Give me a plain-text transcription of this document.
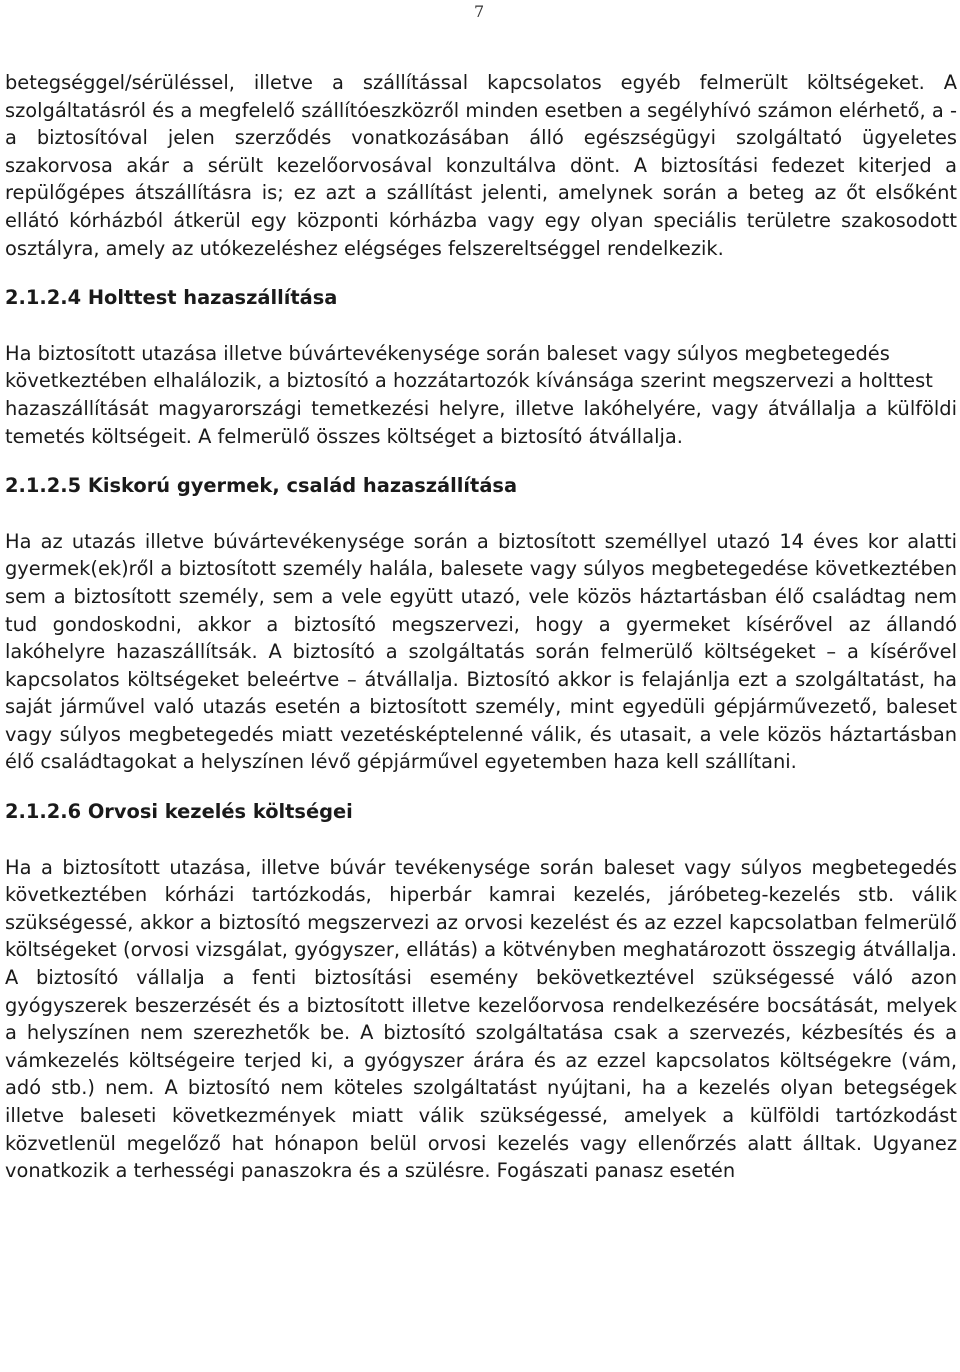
7

betegséggel/sérüléssel, illetve a szállítással kapcsolatos egyéb felmerült költségeket. A szolgáltatásról és a megfelelő szállítóeszközről minden esetben a segélyhívó számon elérhető, a - a biztosítóval jelen szerződés vonatkozásában álló egészségügyi szolgáltató ügyeletes szakorvosa akár a sérült kezelőorvosával konzultálva dönt. A biztosítási fedezet kiterjed a repülőgépes átszállításra is; ez azt a szállítást jelenti, amelynek során a beteg az őt elsőként ellátó kórházból átkerül egy központi kórházba vagy egy olyan speciális területre szakosodott osztályra, amely az utókezeléshez elégséges felszereltséggel rendelkezik.

2.1.2.4 Holttest hazaszállítása

Ha biztosított utazása illetve búvártevékenysége során baleset vagy súlyos megbetegedés következtében elhalálozik, a biztosító a hozzátartozók kívánsága szerint megszervezi a holttest

hazaszállítását magyarországi temetkezési helyre, illetve lakóhelyére, vagy átvállalja a külföldi temetés költségeit. A felmerülő összes költséget a biztosító átvállalja.

2.1.2.5 Kiskorú gyermek, család hazaszállítása

Ha az utazás illetve búvártevékenysége során a biztosított személlyel utazó 14 éves kor alatti gyermek(ek)ről a biztosított személy halála, balesete vagy súlyos megbetegedése következtében sem a biztosított személy, sem a vele együtt utazó, vele közös háztartásban élő családtag nem tud gondoskodni, akkor a biztosító megszervezi, hogy a gyermeket kísérővel az állandó lakóhelyre hazaszállítsák. A biztosító a szolgáltatás során felmerülő költségeket – a kísérővel kapcsolatos költségeket beleértve – átvállalja. Biztosító akkor is felajánlja ezt a szolgáltatást, ha saját járművel való utazás esetén a biztosított személy, mint egyedüli gépjárművezető, baleset vagy súlyos megbetegedés miatt vezetésképtelenné válik, és utasait, a vele közös háztartásban élő családtagokat a helyszínen lévő gépjárművel egyetemben haza kell szállítani.

2.1.2.6 Orvosi kezelés költségei

Ha a biztosított utazása, illetve búvár tevékenysége során baleset vagy súlyos megbetegedés következtében kórházi tartózkodás, hiperbár kamrai kezelés, járóbeteg-kezelés stb. válik szükségessé, akkor a biztosító megszervezi az orvosi kezelést és az ezzel kapcsolatban felmerülő költségeket (orvosi vizsgálat, gyógyszer, ellátás) a kötvényben meghatározott összegig átvállalja. A biztosító vállalja a fenti biztosítási esemény bekövetkeztével szükségessé váló azon gyógyszerek beszerzését és a biztosított illetve kezelőorvosa rendelkezésére bocsátását, melyek a helyszínen nem szerezhetők be. A biztosító szolgáltatása csak a szervezés, kézbesítés és a vámkezelés költségeire terjed ki, a gyógyszer árára és az ezzel kapcsolatos költségekre (vám, adó stb.) nem. A biztosító nem köteles szolgáltatást nyújtani, ha a kezelés olyan betegségek illetve baleseti következmények miatt válik szükségessé, amelyek a külföldi tartózkodást közvetlenül megelőző hat hónapon belül orvosi kezelés vagy ellenőrzés alatt álltak. Ugyanez vonatkozik a terhességi panaszokra és a szülésre. Fogászati panasz esetén
